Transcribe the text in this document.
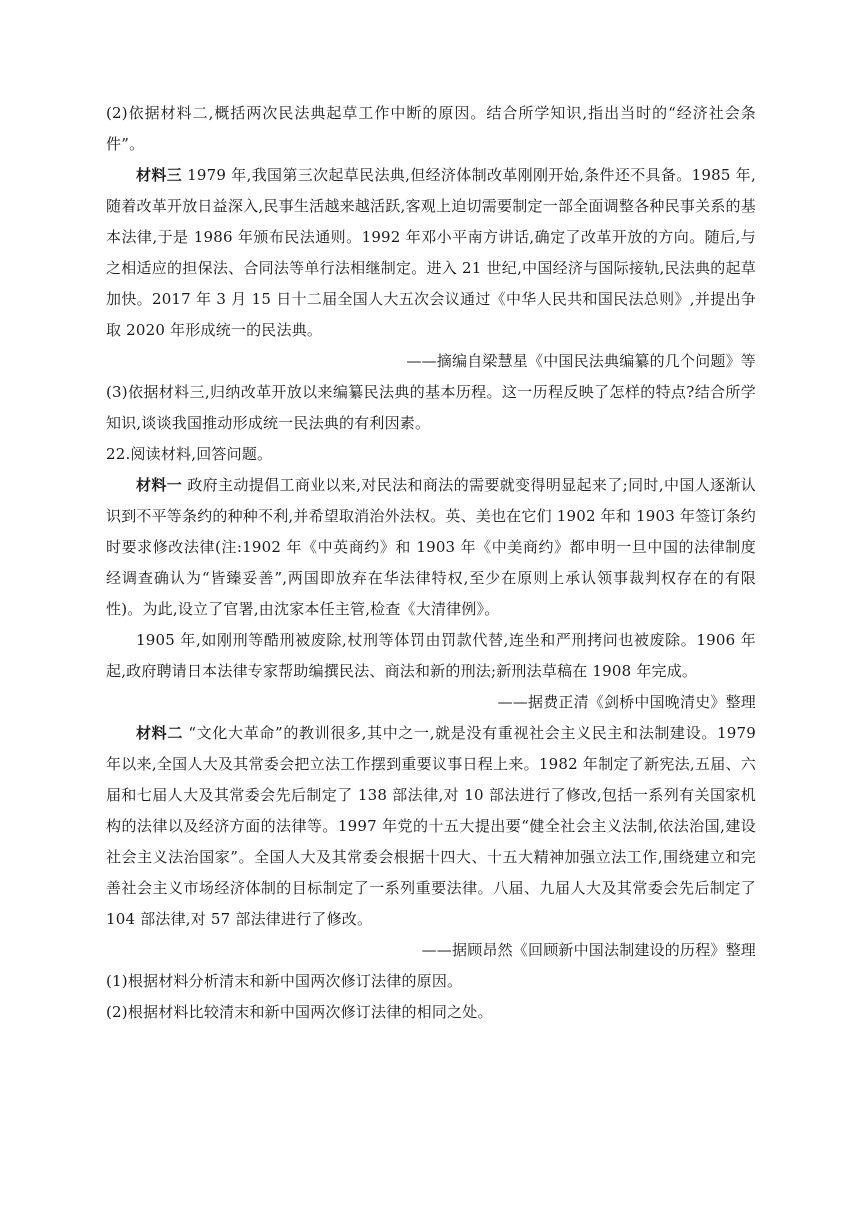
(2)依据材料二,概括两次民法典起草工作中断的原因。结合所学知识,指出当时的“经济社会条件”。

材料三 1979 年,我国第三次起草民法典,但经济体制改革刚刚开始,条件还不具备。1985 年,随着改革开放日益深入,民事生活越来越活跃,客观上迫切需要制定一部全面调整各种民事关系的基本法律,于是 1986 年颁布民法通则。1992 年邓小平南方讲话,确定了改革开放的方向。随后,与之相适应的担保法、合同法等单行法相继制定。进入 21 世纪,中国经济与国际接轨,民法典的起草加快。2017 年 3 月 15 日十二届全国人大五次会议通过《中华人民共和国民法总则》,并提出争取 2020 年形成统一的民法典。

——摘编自梁慧星《中国民法典编纂的几个问题》等

(3)依据材料三,归纳改革开放以来编纂民法典的基本历程。这一历程反映了怎样的特点?结合所学知识,谈谈我国推动形成统一民法典的有利因素。

22.阅读材料,回答问题。

材料一 政府主动提倡工商业以来,对民法和商法的需要就变得明显起来了;同时,中国人逐渐认识到不平等条约的种种不利,并希望取消治外法权。英、美也在它们 1902 年和 1903 年签订条约时要求修改法律(注:1902 年《中英商约》和 1903 年《中美商约》都申明一旦中国的法律制度经调查确认为“皆臻妥善”,两国即放弃在华法律特权,至少在原则上承认领事裁判权存在的有限性)。为此,设立了官署,由沈家本任主管,检查《大清律例》。

1905 年,如刚刑等酷刑被废除,杖刑等体罚由罚款代替,连坐和严刑拷问也被废除。1906 年起,政府聘请日本法律专家帮助编撰民法、商法和新的刑法;新刑法草稿在 1908 年完成。

——据费正清《剑桥中国晚清史》整理

材料二 “文化大革命”的教训很多,其中之一,就是没有重视社会主义民主和法制建设。1979 年以来,全国人大及其常委会把立法工作摆到重要议事日程上来。1982 年制定了新宪法,五届、六届和七届人大及其常委会先后制定了 138 部法律,对 10 部法进行了修改,包括一系列有关国家机构的法律以及经济方面的法律等。1997 年党的十五大提出要“健全社会主义法制,依法治国,建设社会主义法治国家”。全国人大及其常委会根据十四大、十五大精神加强立法工作,围绕建立和完善社会主义市场经济体制的目标制定了一系列重要法律。八届、九届人大及其常委会先后制定了 104 部法律,对 57 部法律进行了修改。

——据顾昂然《回顾新中国法制建设的历程》整理

(1)根据材料分析清末和新中国两次修订法律的原因。

(2)根据材料比较清末和新中国两次修订法律的相同之处。
